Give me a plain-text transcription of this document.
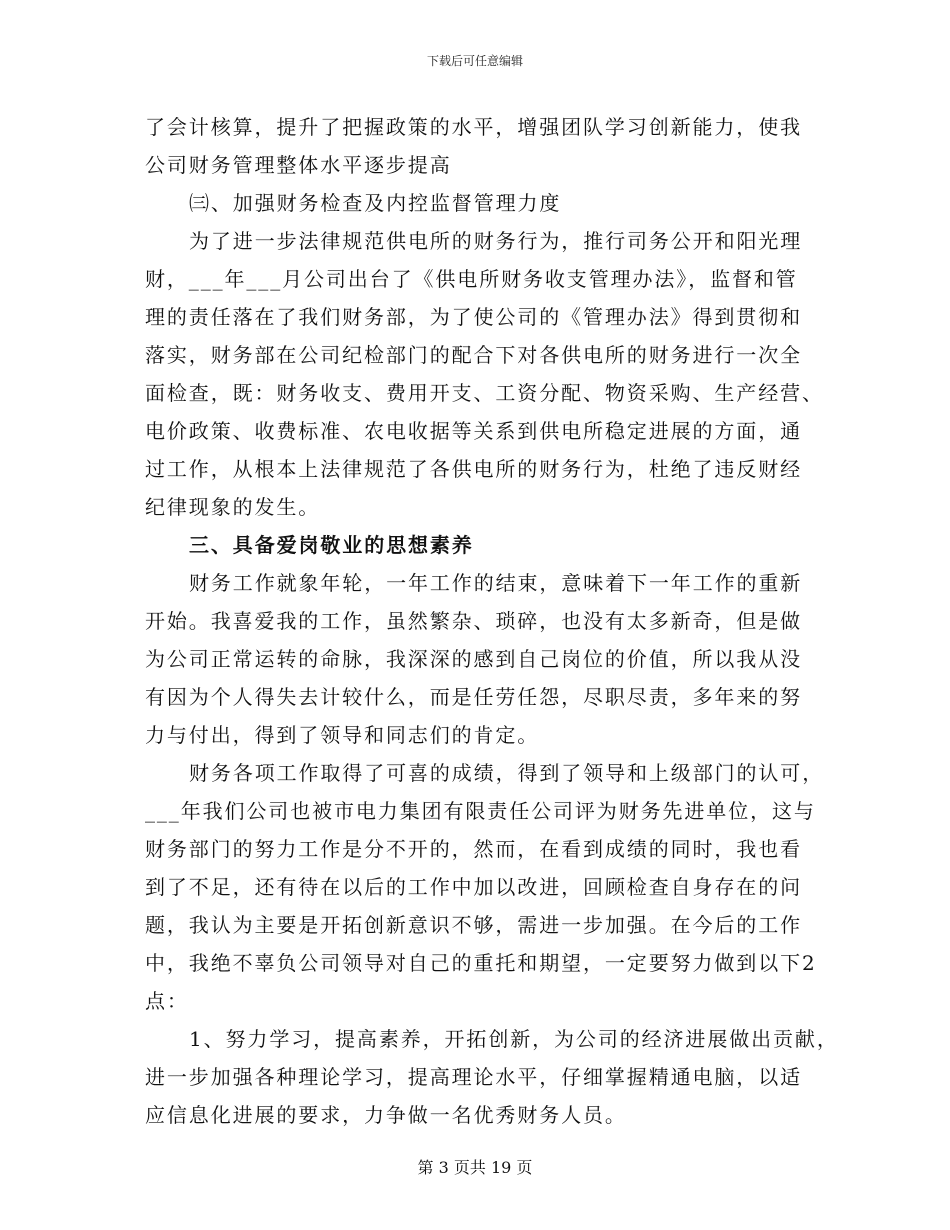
下载后可任意编辑
了会计核算，提升了把握政策的水平，增强团队学习创新能力，使我
公司财务管理整体水平逐步提高
㈢、加强财务检查及内控监督管理力度
为了进一步法律规范供电所的财务行为，推行司务公开和阳光理
财，___年___月公司出台了《供电所财务收支管理办法》，监督和管
理的责任落在了我们财务部，为了使公司的《管理办法》得到贯彻和
落实，财务部在公司纪检部门的配合下对各供电所的财务进行一次全
面检查，既：财务收支、费用开支、工资分配、物资采购、生产经营、
电价政策、收费标准、农电收据等关系到供电所稳定进展的方面，通
过工作，从根本上法律规范了各供电所的财务行为，杜绝了违反财经
纪律现象的发生。
三、具备爱岗敬业的思想素养
财务工作就象年轮，一年工作的结束，意味着下一年工作的重新
开始。我喜爱我的工作，虽然繁杂、琐碎，也没有太多新奇，但是做
为公司正常运转的命脉，我深深的感到自己岗位的价值，所以我从没
有因为个人得失去计较什么，而是任劳任怨，尽职尽责，多年来的努
力与付出，得到了领导和同志们的肯定。
财务各项工作取得了可喜的成绩，得到了领导和上级部门的认可，
___年我们公司也被市电力集团有限责任公司评为财务先进单位，这与
财务部门的努力工作是分不开的，然而，在看到成绩的同时，我也看
到了不足，还有待在以后的工作中加以改进，回顾检查自身存在的问
题，我认为主要是开拓创新意识不够，需进一步加强。在今后的工作
中，我绝不辜负公司领导对自己的重托和期望，一定要努力做到以下2
点：
1、努力学习，提高素养，开拓创新，为公司的经济进展做出贡献，
进一步加强各种理论学习，提高理论水平，仔细掌握精通电脑，以适
应信息化进展的要求，力争做一名优秀财务人员。
第 3 页共 19 页
